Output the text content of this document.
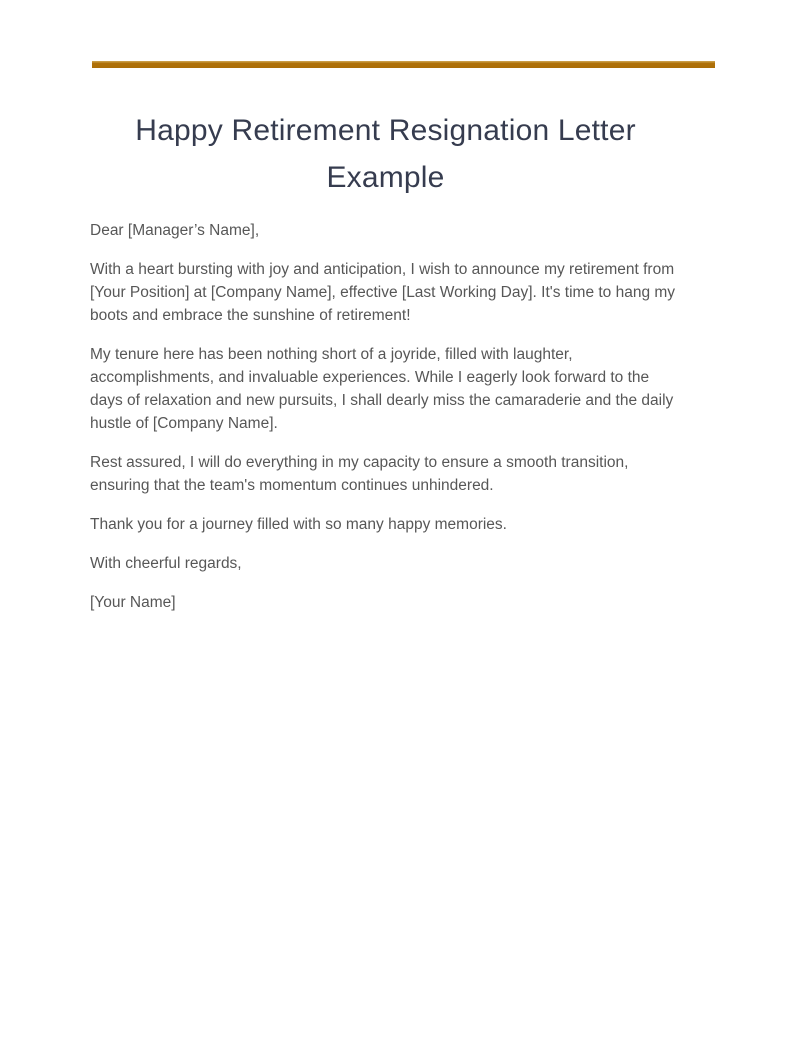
Happy Retirement Resignation Letter Example

Dear [Manager’s Name],

With a heart bursting with joy and anticipation, I wish to announce my retirement from [Your Position] at [Company Name], effective [Last Working Day]. It's time to hang my boots and embrace the sunshine of retirement!

My tenure here has been nothing short of a joyride, filled with laughter, accomplishments, and invaluable experiences. While I eagerly look forward to the days of relaxation and new pursuits, I shall dearly miss the camaraderie and the daily hustle of [Company Name].

Rest assured, I will do everything in my capacity to ensure a smooth transition, ensuring that the team's momentum continues unhindered.

Thank you for a journey filled with so many happy memories.

With cheerful regards,

[Your Name]
